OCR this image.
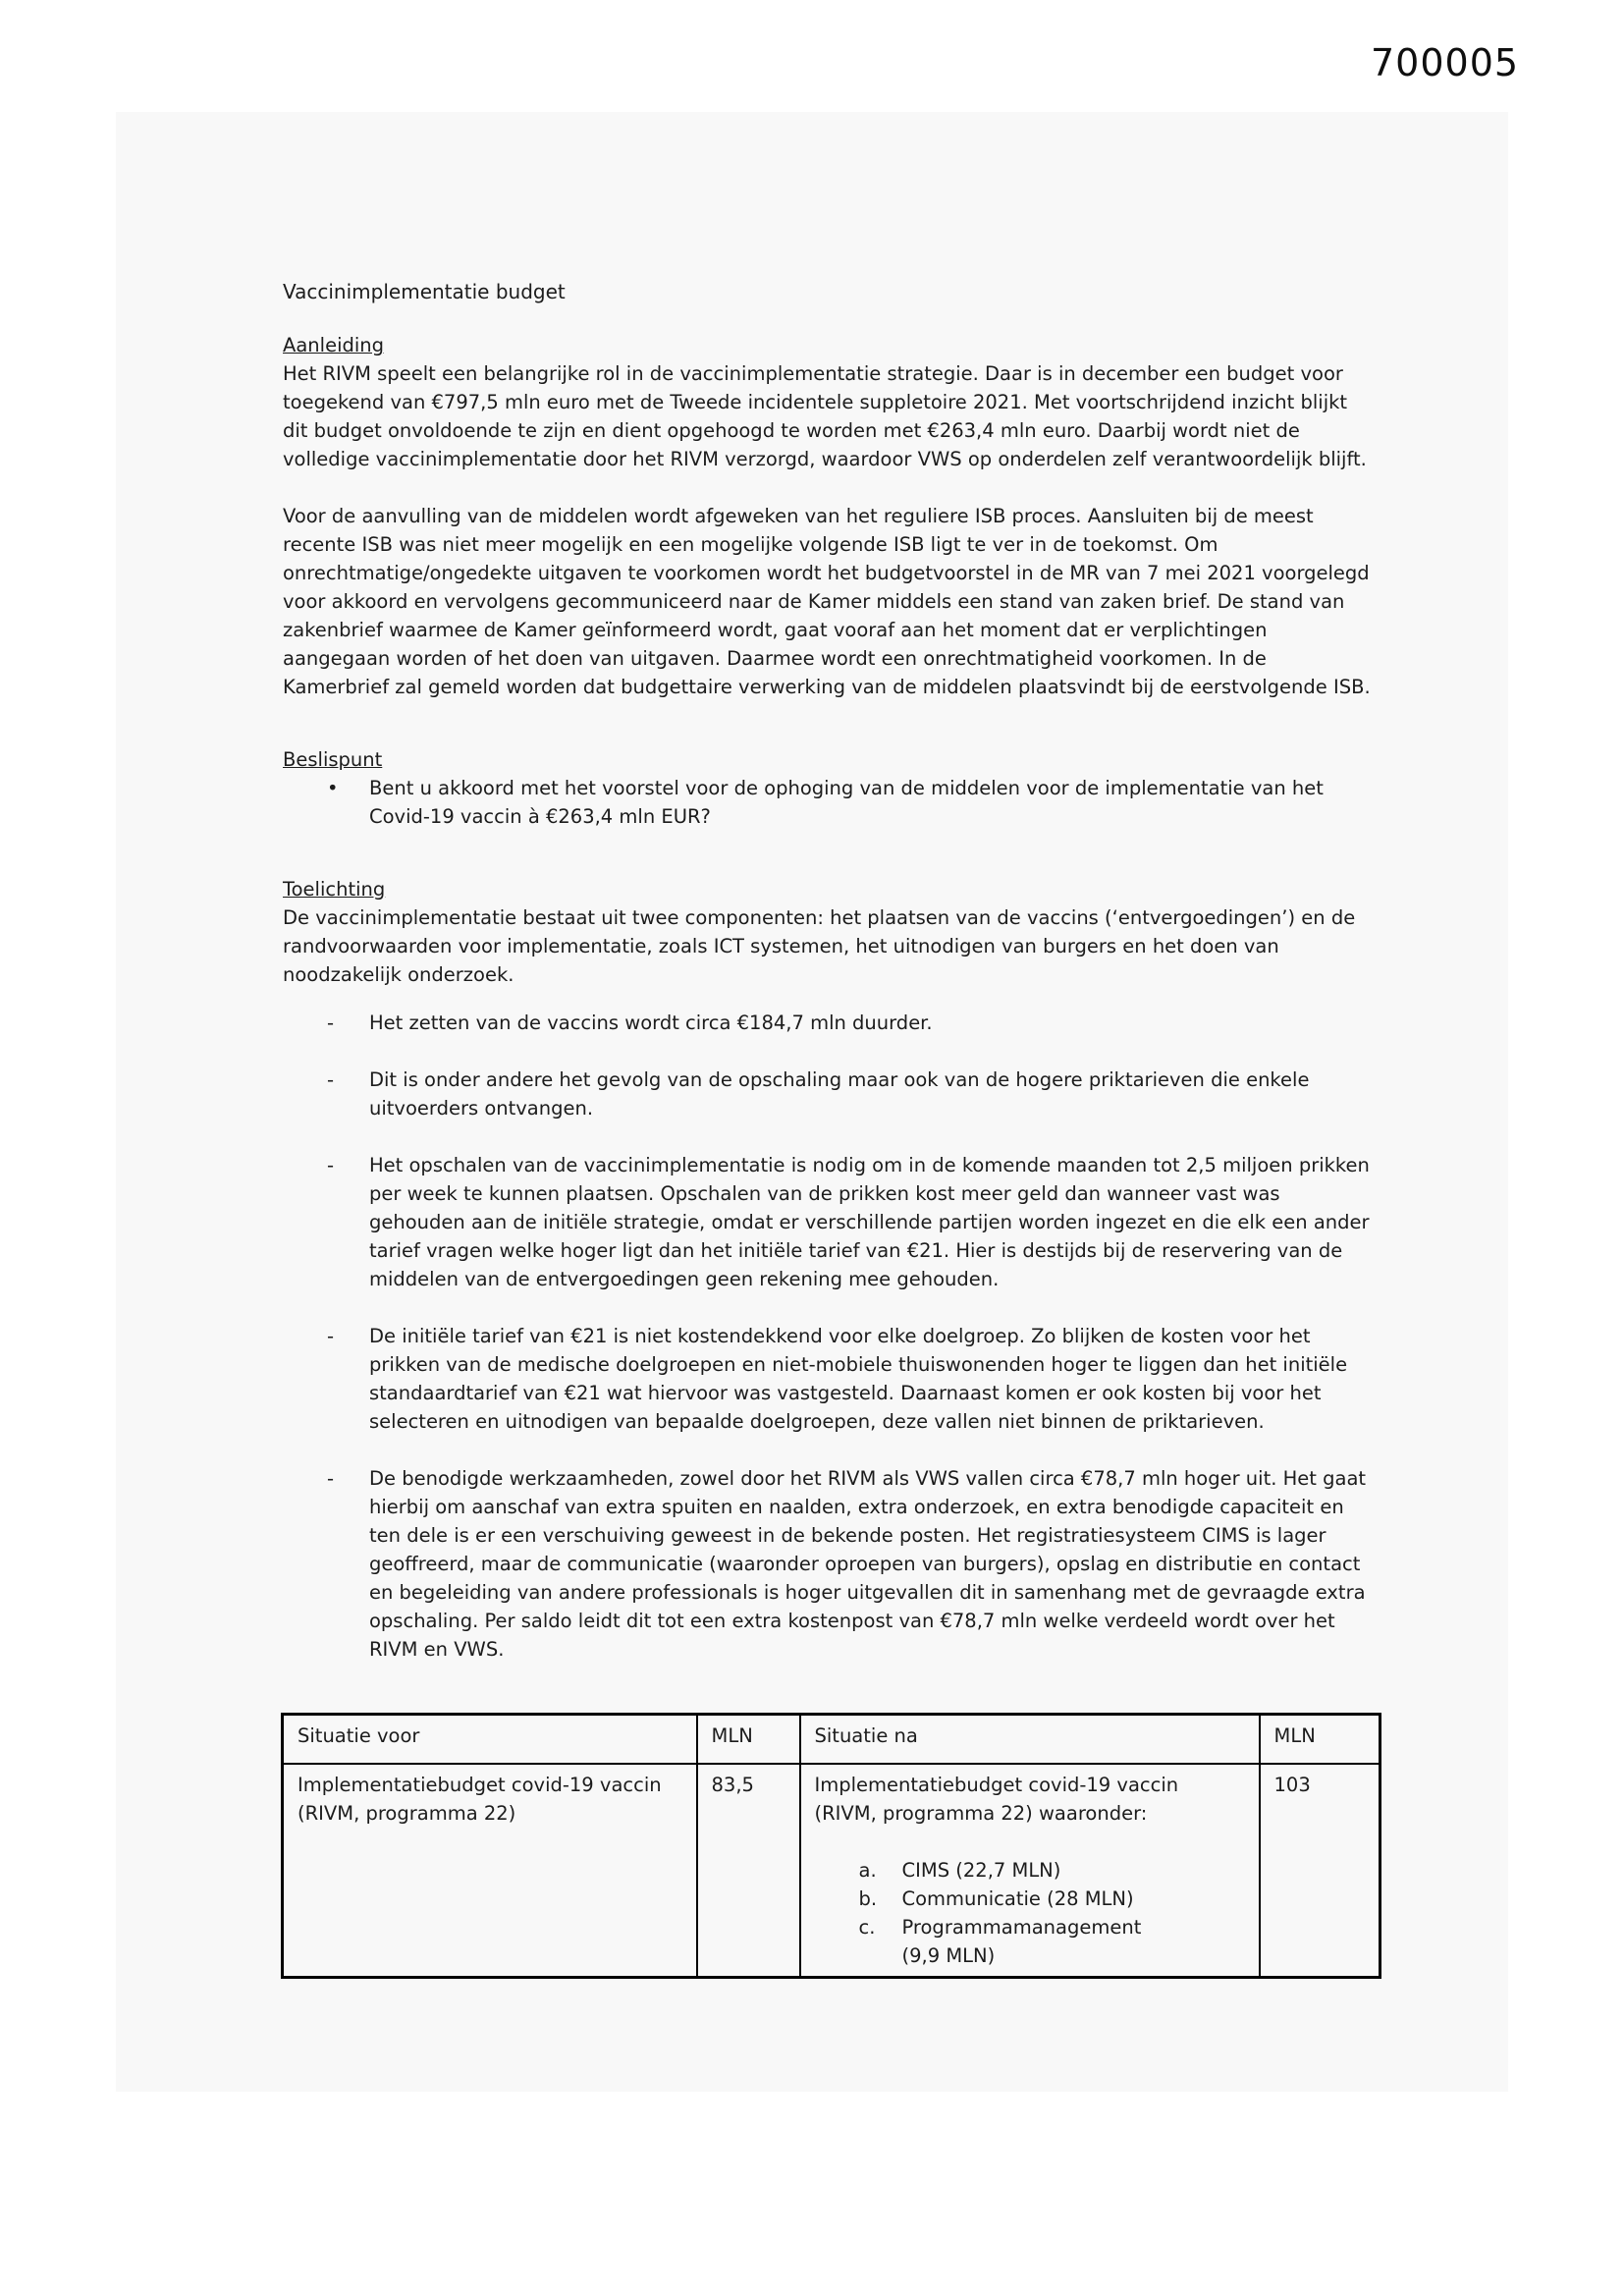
700005
Vaccinimplementatie budget
Aanleiding

Het RIVM speelt een belangrijke rol in de vaccinimplementatie strategie. Daar is in december een budget voor toegekend van €797,5 mln euro met de Tweede incidentele suppletoire 2021. Met voortschrijdend inzicht blijkt dit budget onvoldoende te zijn en dient opgehoogd te worden met €263,4 mln euro. Daarbij wordt niet de volledige vaccinimplementatie door het RIVM verzorgd, waardoor VWS op onderdelen zelf verantwoordelijk blijft.

Voor de aanvulling van de middelen wordt afgeweken van het reguliere ISB proces. Aansluiten bij de meest recente ISB was niet meer mogelijk en een mogelijke volgende ISB ligt te ver in de toekomst. Om onrechtmatige/ongedekte uitgaven te voorkomen wordt het budgetvoorstel in de MR van 7 mei 2021 voorgelegd voor akkoord en vervolgens gecommuniceerd naar de Kamer middels een stand van zaken brief. De stand van zakenbrief waarmee de Kamer geïnformeerd wordt, gaat vooraf aan het moment dat er verplichtingen aangegaan worden of het doen van uitgaven. Daarmee wordt een onrechtmatigheid voorkomen. In de Kamerbrief zal gemeld worden dat budgettaire verwerking van de middelen plaatsvindt bij de eerstvolgende ISB.

Beslispunt
•	Bent u akkoord met het voorstel voor de ophoging van de middelen voor de implementatie van het Covid-19 vaccin à €263,4 mln EUR?
Toelichting

De vaccinimplementatie bestaat uit twee componenten: het plaatsen van de vaccins (‘entvergoedingen’) en de randvoorwaarden voor implementatie, zoals ICT systemen, het uitnodigen van burgers en het doen van noodzakelijk onderzoek.

-	Het zetten van de vaccins wordt circa €184,7 mln duurder.
-	Dit is onder andere het gevolg van de opschaling maar ook van de hogere priktarieven die enkele uitvoerders ontvangen.
-	Het opschalen van de vaccinimplementatie is nodig om in de komende maanden tot 2,5 miljoen prikken per week te kunnen plaatsen. Opschalen van de prikken kost meer geld dan wanneer vast was gehouden aan de initiële strategie, omdat er verschillende partijen worden ingezet en die elk een ander tarief vragen welke hoger ligt dan het initiële tarief van €21. Hier is destijds bij de reservering van de middelen van de entvergoedingen geen rekening mee gehouden.
-	De initiële tarief van €21 is niet kostendekkend voor elke doelgroep. Zo blijken de kosten voor het prikken van de medische doelgroepen en niet-mobiele thuiswonenden hoger te liggen dan het initiële standaardtarief van €21 wat hiervoor was vastgesteld. Daarnaast komen er ook kosten bij voor het selecteren en uitnodigen van bepaalde doelgroepen, deze vallen niet binnen de priktarieven.
-	De benodigde werkzaamheden, zowel door het RIVM als VWS vallen circa €78,7 mln hoger uit. Het gaat hierbij om aanschaf van extra spuiten en naalden, extra onderzoek, en extra benodigde capaciteit en ten dele is er een verschuiving geweest in de bekende posten. Het registratiesysteem CIMS is lager geoffreerd, maar de communicatie (waaronder oproepen van burgers), opslag en distributie en contact en begeleiding van andere professionals is hoger uitgevallen dit in samenhang met de gevraagde extra opschaling. Per saldo leidt dit tot een extra kostenpost van €78,7 mln welke verdeeld wordt over het RIVM en VWS.
Situatie voor	MLN	Situatie na	MLN
Implementatiebudget covid-19 vaccin (RIVM, programma 22)	83,5	Implementatiebudget covid-19 vaccin (RIVM, programma 22) waaronder:
a.	CIMS (22,7 MLN)
b.	Communicatie (28 MLN)
c.	Programmamanagement (9,9 MLN)
	103
